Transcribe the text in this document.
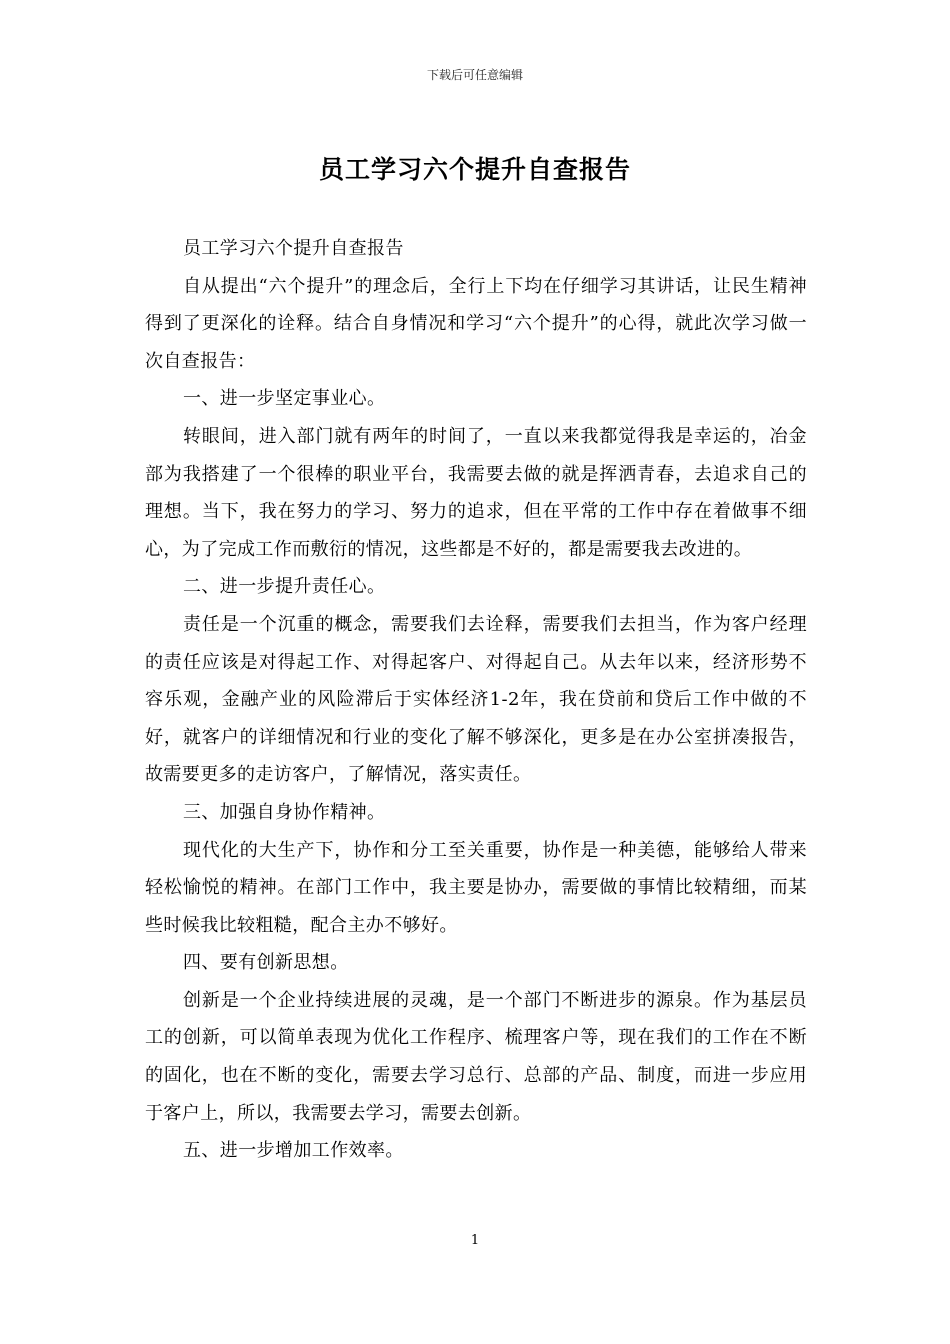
下载后可任意编辑
员工学习六个提升自查报告

员工学习六个提升自查报告

自从提出“六个提升”的理念后，全行上下均在仔细学习其讲话，让民生精神得到了更深化的诠释。结合自身情况和学习“六个提升”的心得，就此次学习做一次自查报告：

一、进一步坚定事业心。

转眼间，进入部门就有两年的时间了，一直以来我都觉得我是幸运的，冶金部为我搭建了一个很棒的职业平台，我需要去做的就是挥洒青春，去追求自己的理想。当下，我在努力的学习、努力的追求，但在平常的工作中存在着做事不细心，为了完成工作而敷衍的情况，这些都是不好的，都是需要我去改进的。

二、进一步提升责任心。

责任是一个沉重的概念，需要我们去诠释，需要我们去担当，作为客户经理的责任应该是对得起工作、对得起客户、对得起自己。从去年以来，经济形势不容乐观，金融产业的风险滞后于实体经济1-2年，我在贷前和贷后工作中做的不好，就客户的详细情况和行业的变化了解不够深化，更多是在办公室拼凑报告，故需要更多的走访客户，了解情况，落实责任。

三、加强自身协作精神。

现代化的大生产下，协作和分工至关重要，协作是一种美德，能够给人带来轻松愉悦的精神。在部门工作中，我主要是协办，需要做的事情比较精细，而某些时候我比较粗糙，配合主办不够好。

四、要有创新思想。

创新是一个企业持续进展的灵魂，是一个部门不断进步的源泉。作为基层员工的创新，可以简单表现为优化工作程序、梳理客户等，现在我们的工作在不断的固化，也在不断的变化，需要去学习总行、总部的产品、制度，而进一步应用于客户上，所以，我需要去学习，需要去创新。

五、进一步增加工作效率。

1
